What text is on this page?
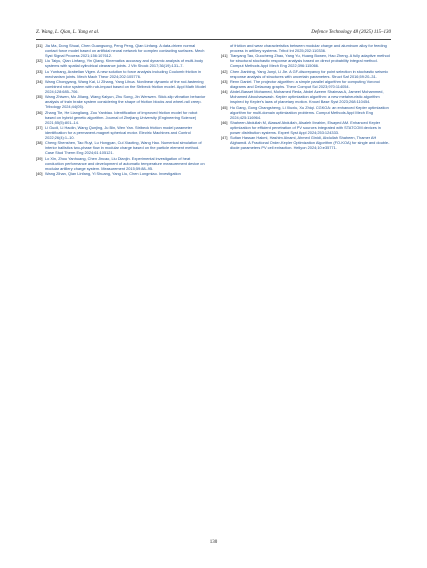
Z. Wang, L. Qian, L. Yang et al.	Defence Technology 48 (2025) 115–130
[31] Jia Ma, Dong Shuai, Chen Guangsong, Peng Peng, Qian Linfang. A data-driven normal contact force model based on artificial neural network for complex contacting surfaces. Mech Syst Signal Process 2021;156:107612.
[32] Liu Taiyu, Qian Linfang, Yin Qiang. Kinematics accuracy and dynamic analysis of multi-body systems with spatial cylindrical clearance joints. J Vib Shock 2017;36(19):131–7.
[33] Lu Yunbang, Arabelian Vigen. A new solution to force analysis including Coulomb friction in mechanism joints. Mech Mach Theor 2024;202:105776.
[34] Wang Chongyang, Wang Kai, Li Zihang, Yang Lihua. Nonlinear dynamic of the rod-fastening combined rotor system with rub-impact based on the Stribeck friction model. Appl Math Model 2024;128:685–706.
[35] Wang Zhiwen, Mo Jiliang, Wang Kaiyun, Zhu Song, Jin Wenwen. Stick-slip vibration behavior analysis of train brake system considering the shape of friction blocks and wheel-rail creep. Tribology 2024;44(05).
[36] Zhang Tie, He Liangliang, Zou Yanbiao. Identification of improved friction model for robot based on hybrid genetic algorithm. Journal of Zhejiang University (Engineering Science) 2021;55(5):801–14.
[37] Li Guoli, Li Haolin, Wang Qunjing, Ju Bin, Wen Yan. Stribeck friction model parameter identification for a permanent-magnet spherical motor. Electric Machines and Control 2022;26(4):1–10.
[38] Cheng Shenshen, Tao Ruyi, Lu Hongyan, Cui Xiaoting, Wang Hao. Numerical simulation of interior ballistics two-phase flow in modular charge based on the particle element method. Case Stud Therm Eng 2024;61:105121.
[39] Lo Xin, Zhou Yanhuang, Chen Jincao, Liu Dianjin. Experimental investigation of heat conduction performance and development of automatic temperature measurement device on modular artillery charge system. Measurement 2015;59:88–95.
[40] Wang Zihan, Qian Linfang, Yi Shuang, Yang Liu, Chen Longmiao. Investigation
of friction and wear characteristics between modular charge and aluminum alloy for feeding process in artillery systems. Tribol Int 2025;202:110336.
[41] Tianyang Tao, Guocheng Zhao, Yang Yu, Huang Bowen, Hao Zheng. A fully adaptive method for structural stochastic response analysis based on direct probability integral method. Comput Methods Appl Mech Eng 2022;396:115066.
[42] Chen Jianbing, Yang Junyi, Li Jie. A GF-discrepancy for point selection in stochastic seismic response analysis of structures with uncertain parameters. Struct Saf 2016;59:20–31.
[43] Renn Daniel. The projector algorithm: a simple parallel algorithm for computing Voronoi diagrams and Delaunay graphs. Theor Comput Sci 2023;970:114054.
[44] Abdel-Basset Mohamed, Mohamed Reda, Abdel Azeem Shaimaa A, Jameel Mohammed, Mohamed Abouhawwash. Kepler optimization algorithm: a new metaheuristic algorithm inspired by Kepler's laws of planetary motion. Knowl Base Syst 2023;268:110454.
[45] Hu Gang, Gong Changsheng, Li Xiuxiu, Xu Zhiqi. CGKOA: an enhanced Kepler optimization algorithm for multi-domain optimization problems. Comput Methods Appl Mech Eng 2024;425:116964.
[46] Shaheen Abdullah M, Alassaf Abdullah, Alsaleh Ibrahim, Elsayed AM. Enhanced Kepler optimization for efficient penetration of PV sources integrated with STATCOM devices in power distribution systems. Expert Syst Appl 2024;253:124333.
[47] Sultan Hassan Hakmi, Hashim Alnami, Ahmed Ginidi, Abdullah Shaheen, Thamer AH Alghamdi. A Fractional Order-Kepler Optimization Algorithm (FO-KOA) for single and double-diode parameters PV cell extraction. Heliyon 2024;10:e35771.
130
